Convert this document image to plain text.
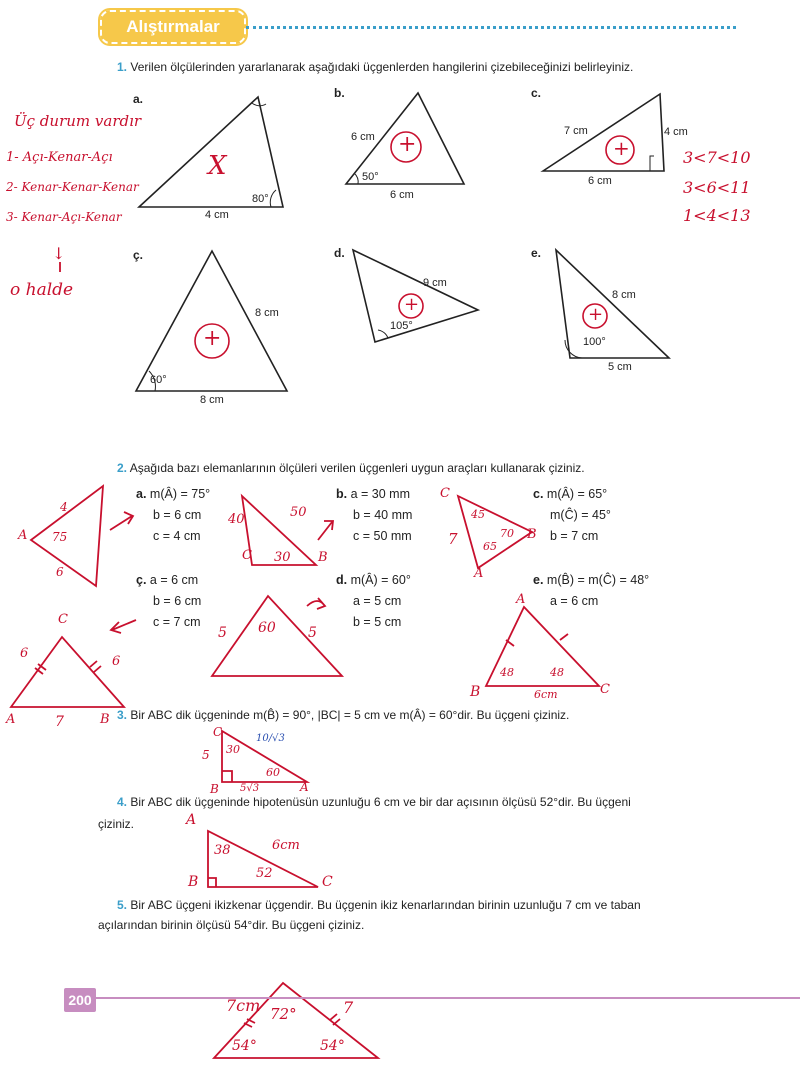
Alıştırmalar
1. Verilen ölçülerinden yararlanarak aşağıdaki üçgenlerden hangilerini çizebileceğinizi belirleyiniz.
a.
80°
4 cm
X
b.
6 cm
50°
6 cm
+
c.
7 cm	4 cm
6 cm
+
ç.
8 cm
60°
8 cm
+
d.
9 cm
105°
+
e.
8 cm
100°
5 cm
+
Üç durum vardır
1- Açı-Kenar-Açı
2- Kenar-Kenar-Kenar
3- Kenar-Açı-Kenar
↓
o halde
3<7<10
3<6<11
1<4<13
2. Aşağıda bazı elemanlarının ölçüleri verilen üçgenleri uygun araçları kullanarak çiziniz.
a. m(Â) = 75°
b = 6 cm
c = 4 cm
b. a = 30 mm
b = 40 mm
c = 50 mm
c. m(Â) = 65°
m(Ĉ) = 45°
b = 7 cm
ç. a = 6 cm
b = 6 cm
c = 7 cm
d. m(Â) = 60°
a = 5 cm
b = 5 cm
e. m(B̂) = m(Ĉ) = 48°
a = 6 cm
A 75
6
4
40	50
30
C	B
C
B
A
45
70
65
7
C
A	B
6
6
7
60
5	5
A
B	C
48	48
6cm
3. Bir ABC dik üçgeninde m(B̂) = 90°, |BC| = 5 cm ve m(Â) = 60°dir. Bu üçgeni çiziniz.
C
B	A
5 30
60
5√3
10/√3
4. Bir ABC dik üçgeninde hipotenüsün uzunluğu 6 cm ve bir dar açısının ölçüsü 52°dir. Bu üçgeni
çiziniz.	A
B	C
38
52
6cm
5. Bir ABC üçgeni ikizkenar üçgendir. Bu üçgenin ikiz kenarlarından birinin uzunluğu 7 cm ve taban
açılarından birinin ölçüsü 54°dir. Bu üçgeni çiziniz.
200	7cm	7
72°
54°	54°
